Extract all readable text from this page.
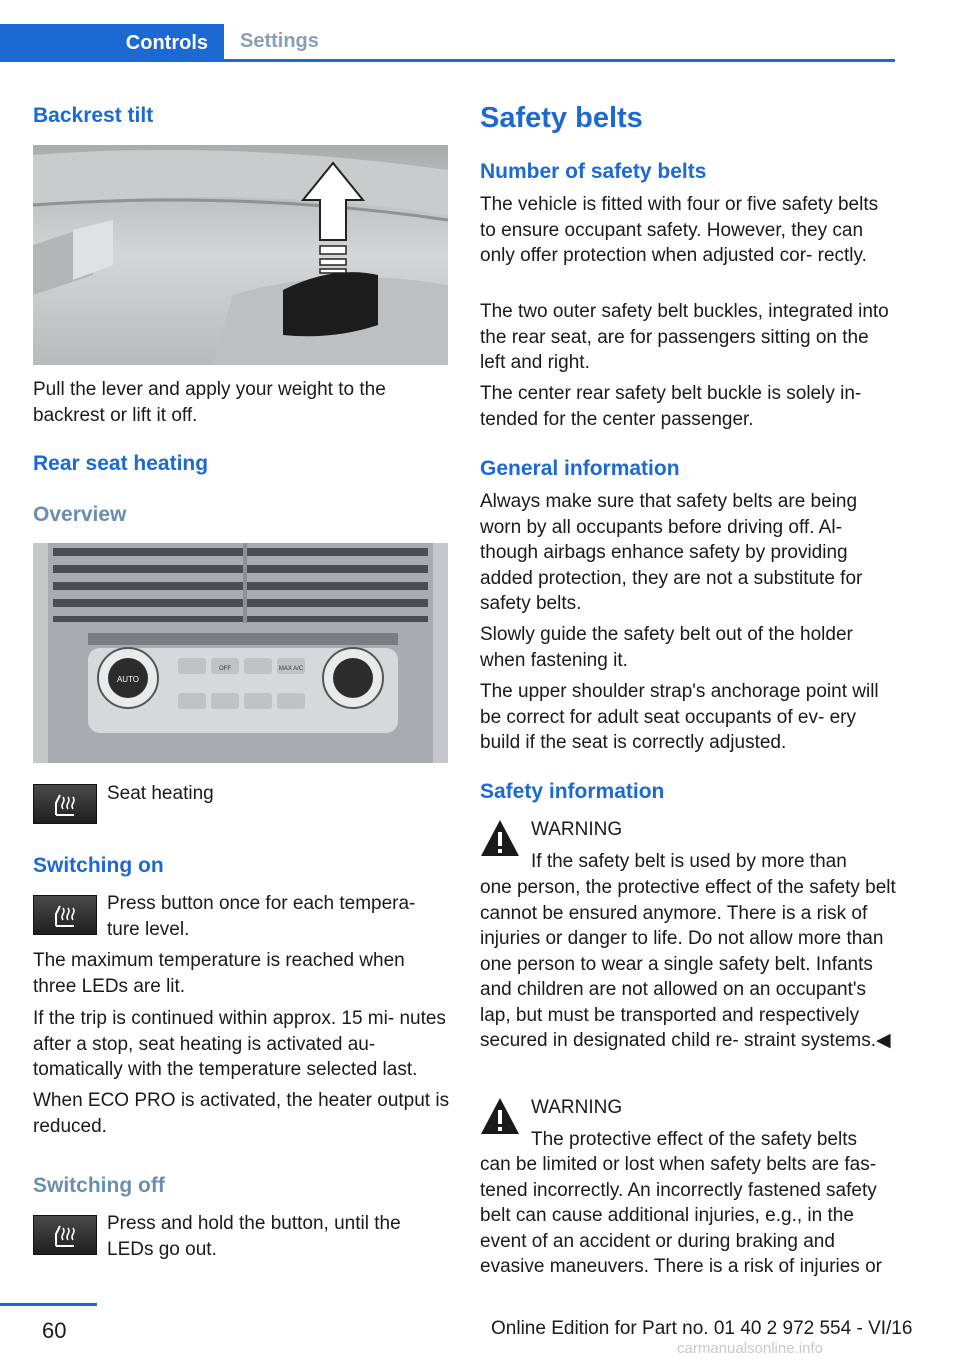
Controls	Settings
Backrest tilt

Pull the lever and apply your weight to the backrest or lift it off.

Rear seat heating
Overview
AUTO
OFF	MAX A/C

Seat heating

Switching on

Press button once for each tempera‐ ture level.

The maximum temperature is reached when three LEDs are lit.

If the trip is continued within approx. 15 mi‐ nutes after a stop, seat heating is activated au‐ tomatically with the temperature selected last.

When ECO PRO is activated, the heater output is reduced.

Switching off

Press and hold the button, until the LEDs go out.

Safety belts
Number of safety belts

The vehicle is fitted with four or five safety belts to ensure occupant safety. However, they can only offer protection when adjusted cor‐ rectly.

The two outer safety belt buckles, integrated into the rear seat, are for passengers sitting on the left and right.

The center rear safety belt buckle is solely in‐ tended for the center passenger.

General information

Always make sure that safety belts are being worn by all occupants before driving off. Al‐ though airbags enhance safety by providing added protection, they are not a substitute for safety belts.

Slowly guide the safety belt out of the holder when fastening it.

The upper shoulder strap's anchorage point will be correct for adult seat occupants of ev‐ ery build if the seat is correctly adjusted.

Safety information

WARNING

If the safety belt is used by more than

one person, the protective effect of the safety belt cannot be ensured anymore. There is a risk of injuries or danger to life. Do not allow more than one person to wear a single safety belt. Infants and children are not allowed on an occupant's lap, but must be transported and respectively secured in designated child re‐ straint systems.◀

WARNING

The protective effect of the safety belts

can be limited or lost when safety belts are fas‐ tened incorrectly. An incorrectly fastened safety belt can cause additional injuries, e.g., in the event of an accident or during braking and evasive maneuvers. There is a risk of injuries or

60	Online Edition for Part no. 01 40 2 972 554 - VI/16
carmanualsonline.info
